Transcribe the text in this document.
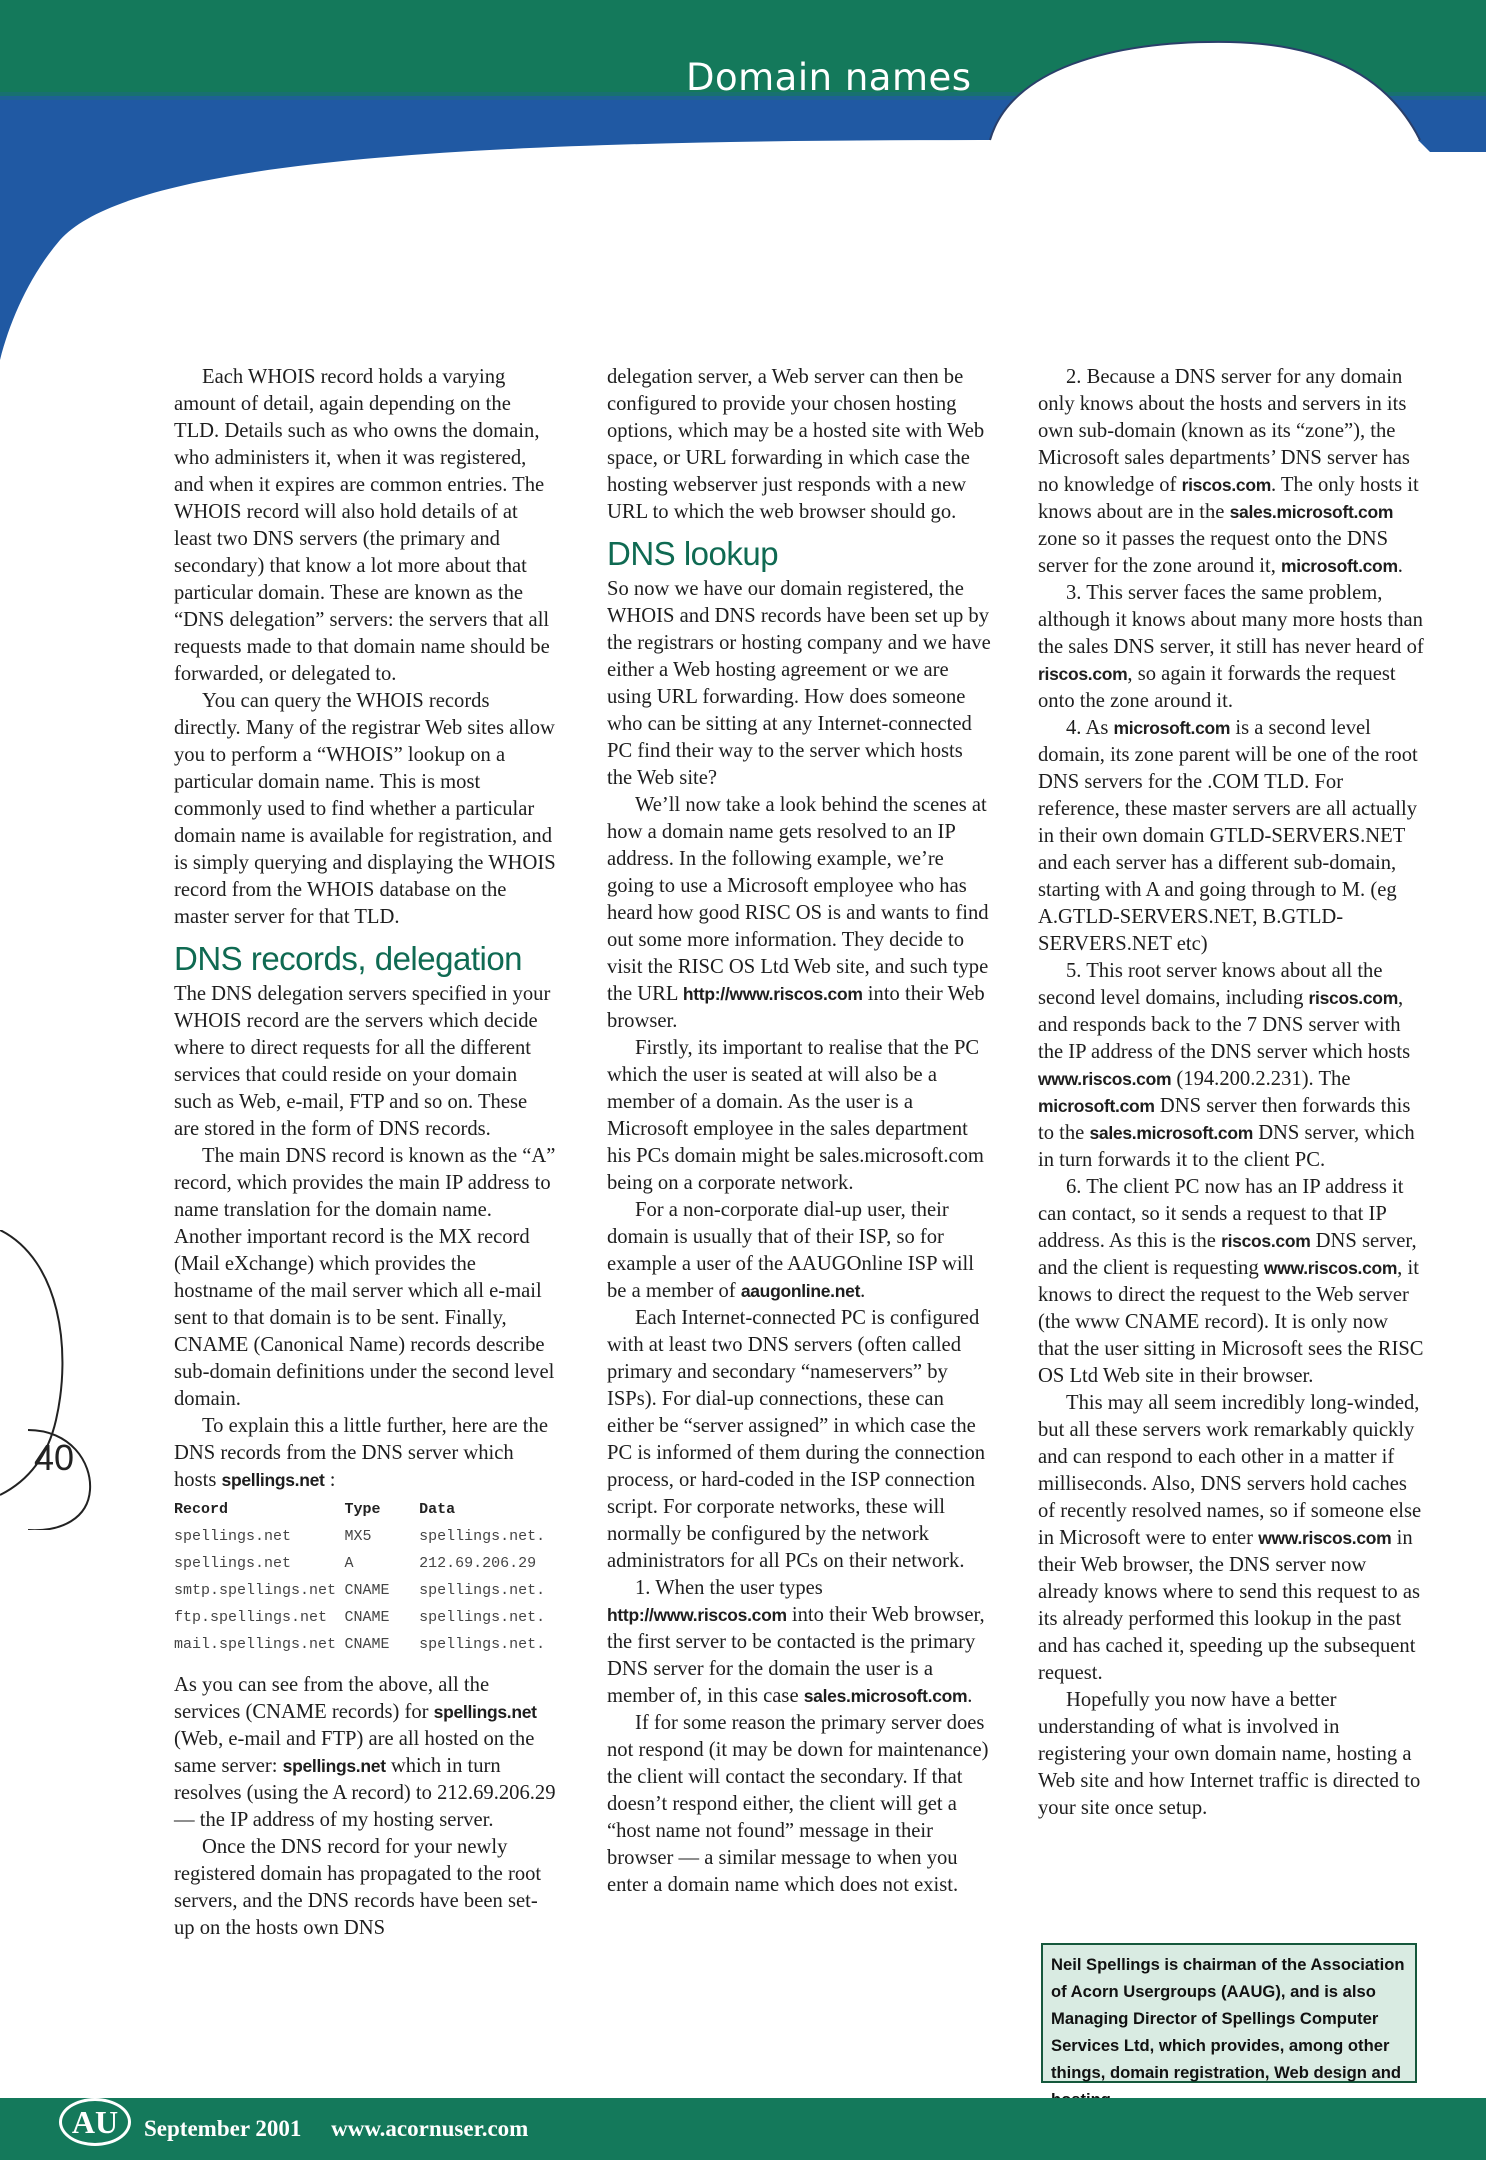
Domain names

Each WHOIS record holds a varying amount of detail, again depending on the TLD. Details such as who owns the domain, who administers it, when it was registered, and when it expires are common entries. The WHOIS record will also hold details of at least two DNS servers (the primary and secondary) that know a lot more about that particular domain. These are known as the “DNS delegation” servers: the servers that all requests made to that domain name should be forwarded, or delegated to.

You can query the WHOIS records directly. Many of the registrar Web sites allow you to perform a “WHOIS” lookup on a particular domain name. This is most commonly used to find whether a particular domain name is available for registration, and is simply querying and displaying the WHOIS record from the WHOIS database on the master server for that TLD.

DNS records, delegation

The DNS delegation servers specified in your WHOIS record are the servers which decide where to direct requests for all the different services that could reside on your domain such as Web, e-mail, FTP and so on. These are stored in the form of DNS records.

The main DNS record is known as the “A” record, which provides the main IP address to name translation for the domain name. Another important record is the MX record (Mail eXchange) which provides the hostname of the mail server which all e-mail sent to that domain is to be sent. Finally, CNAME (Canonical Name) records describe sub-domain definitions under the second level domain.

To explain this a little further, here are the DNS records from the DNS server which hosts spellings.net :

Record	Type	Data
spellings.net	MX5	spellings.net.
spellings.net	A	212.69.206.29
smtp.spellings.net	CNAME	spellings.net.
ftp.spellings.net	CNAME	spellings.net.
mail.spellings.net	CNAME	spellings.net.

As you can see from the above, all the services (CNAME records) for spellings.net (Web, e-mail and FTP) are all hosted on the same server: spellings.net which in turn resolves (using the A record) to 212.69.206.29 — the IP address of my hosting server.

Once the DNS record for your newly registered domain has propagated to the root servers, and the DNS records have been set-up on the hosts own DNS

delegation server, a Web server can then be configured to provide your chosen hosting options, which may be a hosted site with Web space, or URL forwarding in which case the hosting webserver just responds with a new URL to which the web browser should go.

DNS lookup

So now we have our domain registered, the WHOIS and DNS records have been set up by the registrars or hosting company and we have either a Web hosting agreement or we are using URL forwarding. How does someone who can be sitting at any Internet-connected PC find their way to the server which hosts the Web site?

We’ll now take a look behind the scenes at how a domain name gets resolved to an IP address. In the following example, we’re going to use a Microsoft employee who has heard how good RISC OS is and wants to find out some more information. They decide to visit the RISC OS Ltd Web site, and such type the URL http://www.riscos.com into their Web browser.

Firstly, its important to realise that the PC which the user is seated at will also be a member of a domain. As the user is a Microsoft employee in the sales department his PCs domain might be sales.microsoft.com being on a corporate network.

For a non-corporate dial-up user, their domain is usually that of their ISP, so for example a user of the AAUGOnline ISP will be a member of aaugonline.net.

Each Internet-connected PC is configured with at least two DNS servers (often called primary and secondary “nameservers” by ISPs). For dial-up connections, these can either be “server assigned” in which case the PC is informed of them during the connection process, or hard-coded in the ISP connection script. For corporate networks, these will normally be configured by the network administrators for all PCs on their network.

1. When the user types http://www.riscos.com into their Web browser, the first server to be contacted is the primary DNS server for the domain the user is a member of, in this case sales.microsoft.com.

If for some reason the primary server does not respond (it may be down for maintenance) the client will contact the secondary. If that doesn’t respond either, the client will get a “host name not found” message in their browser — a similar message to when you enter a domain name which does not exist.

2. Because a DNS server for any domain only knows about the hosts and servers in its own sub-domain (known as its “zone”), the Microsoft sales departments’ DNS server has no knowledge of riscos.com. The only hosts it knows about are in the sales.microsoft.com zone so it passes the request onto the DNS server for the zone around it, microsoft.com.

3. This server faces the same problem, although it knows about many more hosts than the sales DNS server, it still has never heard of riscos.com, so again it forwards the request onto the zone around it.

4. As microsoft.com is a second level domain, its zone parent will be one of the root DNS servers for the .COM TLD. For reference, these master servers are all actually in their own domain GTLD-SERVERS.NET and each server has a different sub-domain, starting with A and going through to M. (eg A.GTLD-SERVERS.NET, B.GTLD-SERVERS.NET etc)

5. This root server knows about all the second level domains, including riscos.com, and responds back to the 7 DNS server with the IP address of the DNS server which hosts www.riscos.com (194.200.2.231). The microsoft.com DNS server then forwards this to the sales.microsoft.com DNS server, which in turn forwards it to the client PC.

6. The client PC now has an IP address it can contact, so it sends a request to that IP address. As this is the riscos.com DNS server, and the client is requesting www.riscos.com, it knows to direct the request to the Web server (the www CNAME record). It is only now that the user sitting in Microsoft sees the RISC OS Ltd Web site in their browser.

This may all seem incredibly long-winded, but all these servers work remarkably quickly and can respond to each other in a matter if milliseconds. Also, DNS servers hold caches of recently resolved names, so if someone else in Microsoft were to enter www.riscos.com in their Web browser, the DNS server now already knows where to send this request to as its already performed this lookup in the past and has cached it, speeding up the subsequent request.

Hopefully you now have a better understanding of what is involved in registering your own domain name, hosting a Web site and how Internet traffic is directed to your site once setup.

Neil Spellings is chairman of the Association of Acorn Usergroups (AAUG), and is also Managing Director of Spellings Computer Services Ltd, which provides, among other things, domain registration, Web design and
40
AU September 2001 www.acornuser.com
